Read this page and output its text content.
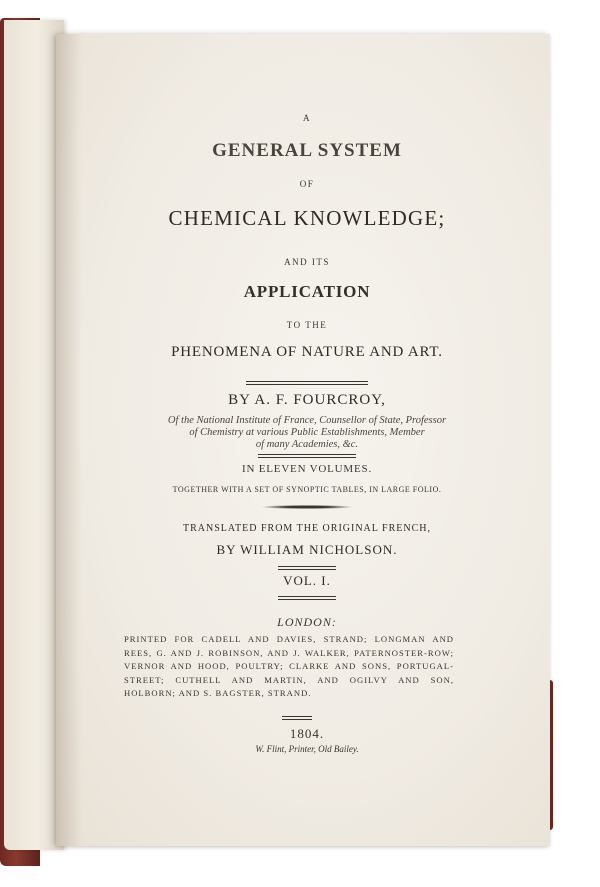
A

GENERAL SYSTEM

OF

CHEMICAL KNOWLEDGE;

AND ITS

APPLICATION

TO THE

PHENOMENA OF NATURE AND ART.

BY A. F. FOURCROY,

Of the National Institute of France, Counsellor of State, Professor

of Chemistry at various Public Establishments, Member

of many Academies, &c.

IN ELEVEN VOLUMES.

TOGETHER WITH A SET OF SYNOPTIC TABLES, IN LARGE FOLIO.

TRANSLATED FROM THE ORIGINAL FRENCH,

BY WILLIAM NICHOLSON.

VOL. I.

LONDON:

PRINTED FOR CADELL AND DAVIES, STRAND; LONGMAN AND REES, G. AND J. ROBINSON, AND J. WALKER, PATERNOSTER-ROW; VERNOR AND HOOD, POULTRY; CLARKE AND SONS, PORTUGAL-STREET; CUTHELL AND MARTIN, AND OGILVY AND SON, HOLBORN; AND S. BAGSTER, STRAND.

1804.

W. Flint, Printer, Old Bailey.
